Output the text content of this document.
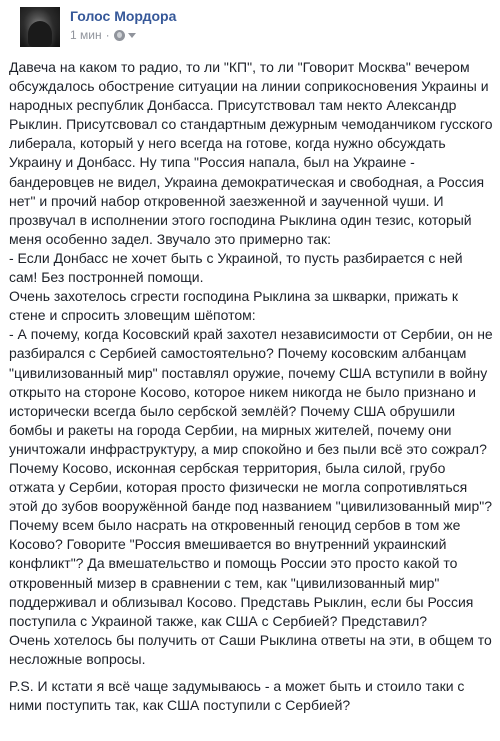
Голос Мордора
1 мин ·

Давеча на каком то радио, то ли "КП", то ли "Говорит Москва" вечером обсуждалось обострение ситуации на линии соприкосновения Украины и народных республик Донбасса. Присутствовал там некто Александр Рыклин. Присутсвовал со стандартным дежурным чемоданчиком гусского либерала, который у него всегда на готове, когда нужно обсуждать Украину и Донбасс. Ну типа "Россия напала, был на Украине - бандеровцев не видел, Украина демократическая и свободная, а Россия нет" и прочий набор откровенной заезженной и заученной чуши. И прозвучал в исполнении этого господина Рыклина один тезис, который меня особенно задел. Звучало это примерно так:

- Если Донбасс не хочет быть с Украиной, то пусть разбирается с ней сам! Без постронней помощи.

Очень захотелось сгрести господина Рыклина за шкварки, прижать к стене и спросить зловещим шёпотом:

- А почему, когда Косовский край захотел независимости от Сербии, он не разбирался с Сербией самостоятельно? Почему косовским албанцам "цивилизованный мир" поставлял оружие, почему США вступили в войну открыто на стороне Косово, которое никем никогда не было признано и исторически всегда было сербской землёй? Почему США обрушили бомбы и ракеты на города Сербии, на мирных жителей, почему они уничтожали инфраструктуру, а мир спокойно и без пыли всё это сожрал? Почему Косово, исконная сербская территория, была силой, грубо отжата у Сербии, которая просто физически не могла сопротивляться этой до зубов вооружённой банде под названием "цивилизованный мир"? Почему всем было насрать на откровенный геноцид сербов в том же Косово? Говорите "Россия вмешивается во внутренний украинский конфликт"? Да вмешательство и помощь России это просто какой то откровенный мизер в сравнении с тем, как "цивилизованный мир" поддерживал и облизывал Косово. Представь Рыклин, если бы Россия поступила с Украиной также, как США с Сербией? Представил?

Очень хотелось бы получить от Саши Рыклина ответы на эти, в общем то несложные вопросы.

P.S. И кстати я всё чаще задумываюсь - а может быть и стоило таки с ними поступить так, как США поступили с Сербией?
